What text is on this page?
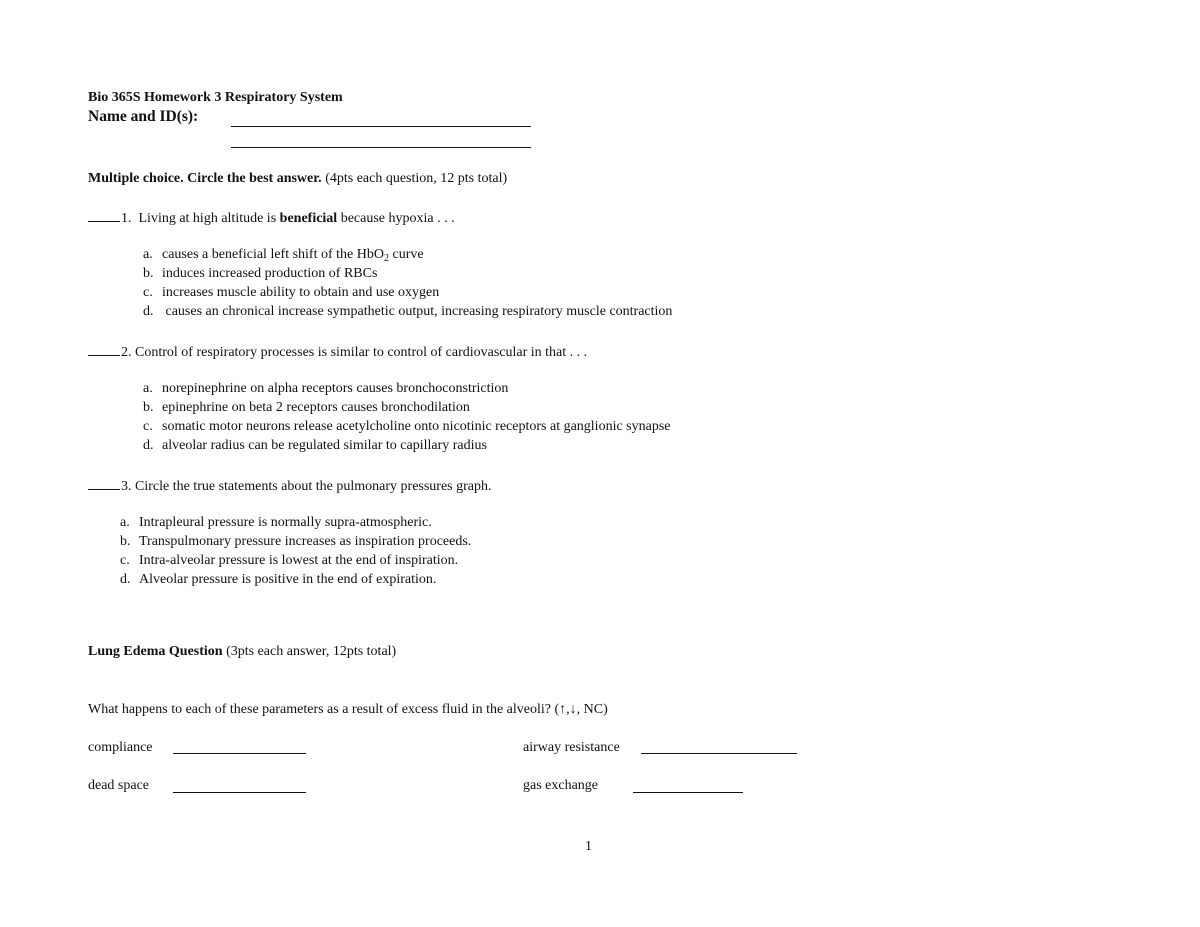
Bio 365S Homework 3 Respiratory System
Name and ID(s):
Multiple choice. Circle the best answer. (4pts each question, 12 pts total)
1.  Living at high altitude is beneficial because hypoxia . . .
a. causes a beneficial left shift of the HbO$_2$ curve
b. induces increased production of RBCs
c. increases muscle ability to obtain and use oxygen
d. causes an chronical increase sympathetic output, increasing respiratory muscle contraction
2. Control of respiratory processes is similar to control of cardiovascular in that . . .
a. norepinephrine on alpha receptors causes bronchoconstriction
b. epinephrine on beta 2 receptors causes bronchodilation
c. somatic motor neurons release acetylcholine onto nicotinic receptors at ganglionic synapse
d. alveolar radius can be regulated similar to capillary radius
3. Circle the true statements about the pulmonary pressures graph.
a. Intrapleural pressure is normally supra-atmospheric.
b. Transpulmonary pressure increases as inspiration proceeds.
c. Intra-alveolar pressure is lowest at the end of inspiration.
d. Alveolar pressure is positive in the end of expiration.
Lung Edema Question (3pts each answer, 12pts total)
What happens to each of these parameters as a result of excess fluid in the alveoli? (↑,↓, NC)
compliance	airway resistance
dead space	gas exchange
1
